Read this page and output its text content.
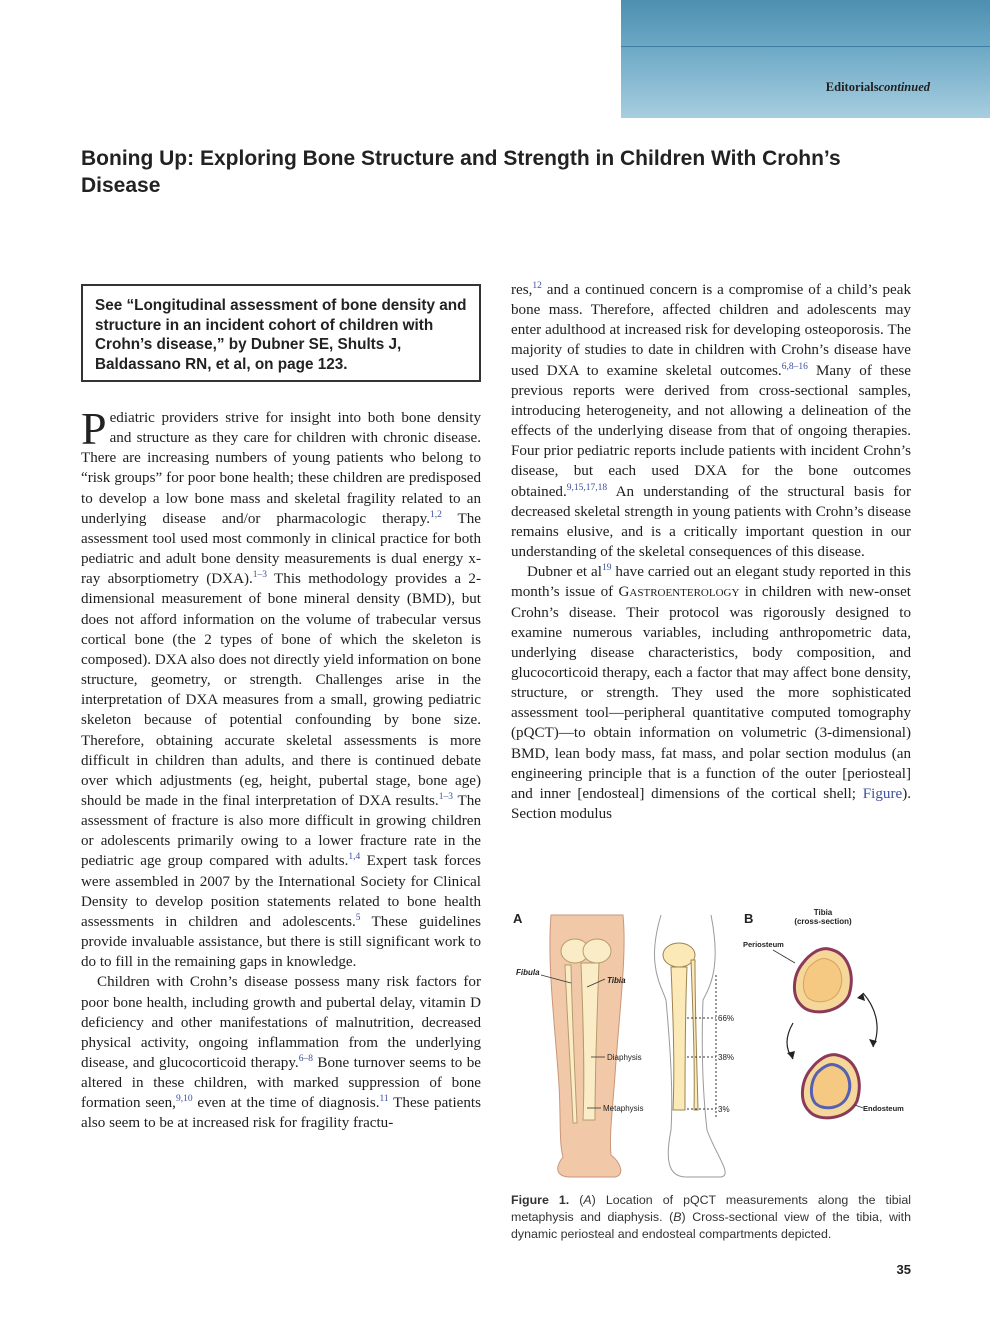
Editorialscontinued
Boning Up: Exploring Bone Structure and Strength in Children With Crohn’s Disease

See “Longitudinal assessment of bone density and structure in an incident cohort of children with Crohn’s disease,” by Dubner SE, Shults J, Baldassano RN, et al, on page 123.

Pediatric providers strive for insight into both bone density and structure as they care for children with chronic disease. There are increasing numbers of young patients who belong to “risk groups” for poor bone health; these children are predisposed to develop a low bone mass and skeletal fragility related to an underlying disease and/or pharmacologic therapy.$^{1,2}$ The assessment tool used most commonly in clinical practice for both pediatric and adult bone density measurements is dual energy x-ray absorptiometry (DXA).$^{1-3}$ This methodology provides a 2-dimensional measurement of bone mineral density (BMD), but does not afford information on the volume of trabecular versus cortical bone (the 2 types of bone of which the skeleton is composed). DXA also does not directly yield information on bone structure, geometry, or strength. Challenges arise in the interpretation of DXA measures from a small, growing pediatric skeleton because of potential confounding by bone size. Therefore, obtaining accurate skeletal assessments is more difficult in children than adults, and there is continued debate over which adjustments (eg, height, pubertal stage, bone age) should be made in the final interpretation of DXA results.$^{1-3}$ The assessment of fracture is also more difficult in growing children or adolescents primarily owing to a lower fracture rate in the pediatric age group compared with adults.$^{1,4}$ Expert task forces were assembled in 2007 by the International Society for Clinical Density to develop position statements related to bone health assessments in children and adolescents.$^5$ These guidelines provide invaluable assistance, but there is still significant work to do to fill in the remaining gaps in knowledge.

Children with Crohn’s disease possess many risk factors for poor bone health, including growth and pubertal delay, vitamin D deficiency and other manifestations of malnutrition, decreased physical activity, ongoing inflammation from the underlying disease, and glucocorticoid therapy.$^{6-8}$ Bone turnover seems to be altered in these children, with marked suppression of bone formation seen,$^{9,10}$ even at the time of diagnosis.$^{11}$ These patients also seem to be at increased risk for fragility fractu-

res,$^{12}$ and a continued concern is a compromise of a child’s peak bone mass. Therefore, affected children and adolescents may enter adulthood at increased risk for developing osteoporosis. The majority of studies to date in children with Crohn’s disease have used DXA to examine skeletal outcomes.$^{6,8-16}$ Many of these previous reports were derived from cross-sectional samples, introducing heterogeneity, and not allowing a delineation of the effects of the underlying disease from that of ongoing therapies. Four prior pediatric reports include patients with incident Crohn’s disease, but each used DXA for the bone outcomes obtained.$^{9,15,17,18}$ An understanding of the structural basis for decreased skeletal strength in young patients with Crohn’s disease remains elusive, and is a critically important question in our understanding of the skeletal consequences of this disease.

Dubner et $al^{19}$ have carried out an elegant study reported in this month’s issue of Gastroenterology in children with new-onset Crohn’s disease. Their protocol was rigorously designed to examine numerous variables, including anthropometric data, underlying disease characteristics, body composition, and glucocorticoid therapy, each a factor that may affect bone density, structure, or strength. They used the more sophisticated assessment tool—peripheral quantitative computed tomography (pQCT)—to obtain information on volumetric (3-dimensional) BMD, lean body mass, fat mass, and polar section modulus (an engineering principle that is a function of the outer [periosteal] and inner [endosteal] dimensions of the cortical shell; Figure). Section modulus

A
Fibula
Tibia
Diaphysis
Metaphysis
66%
38%
3%
B	Tibia
(cross-section)
Periosteum
Endosteum

Figure 1. (A) Location of pQCT measurements along the tibial metaphysis and diaphysis. (B) Cross-sectional view of the tibia, with dynamic periosteal and endosteal compartments depicted.

35
